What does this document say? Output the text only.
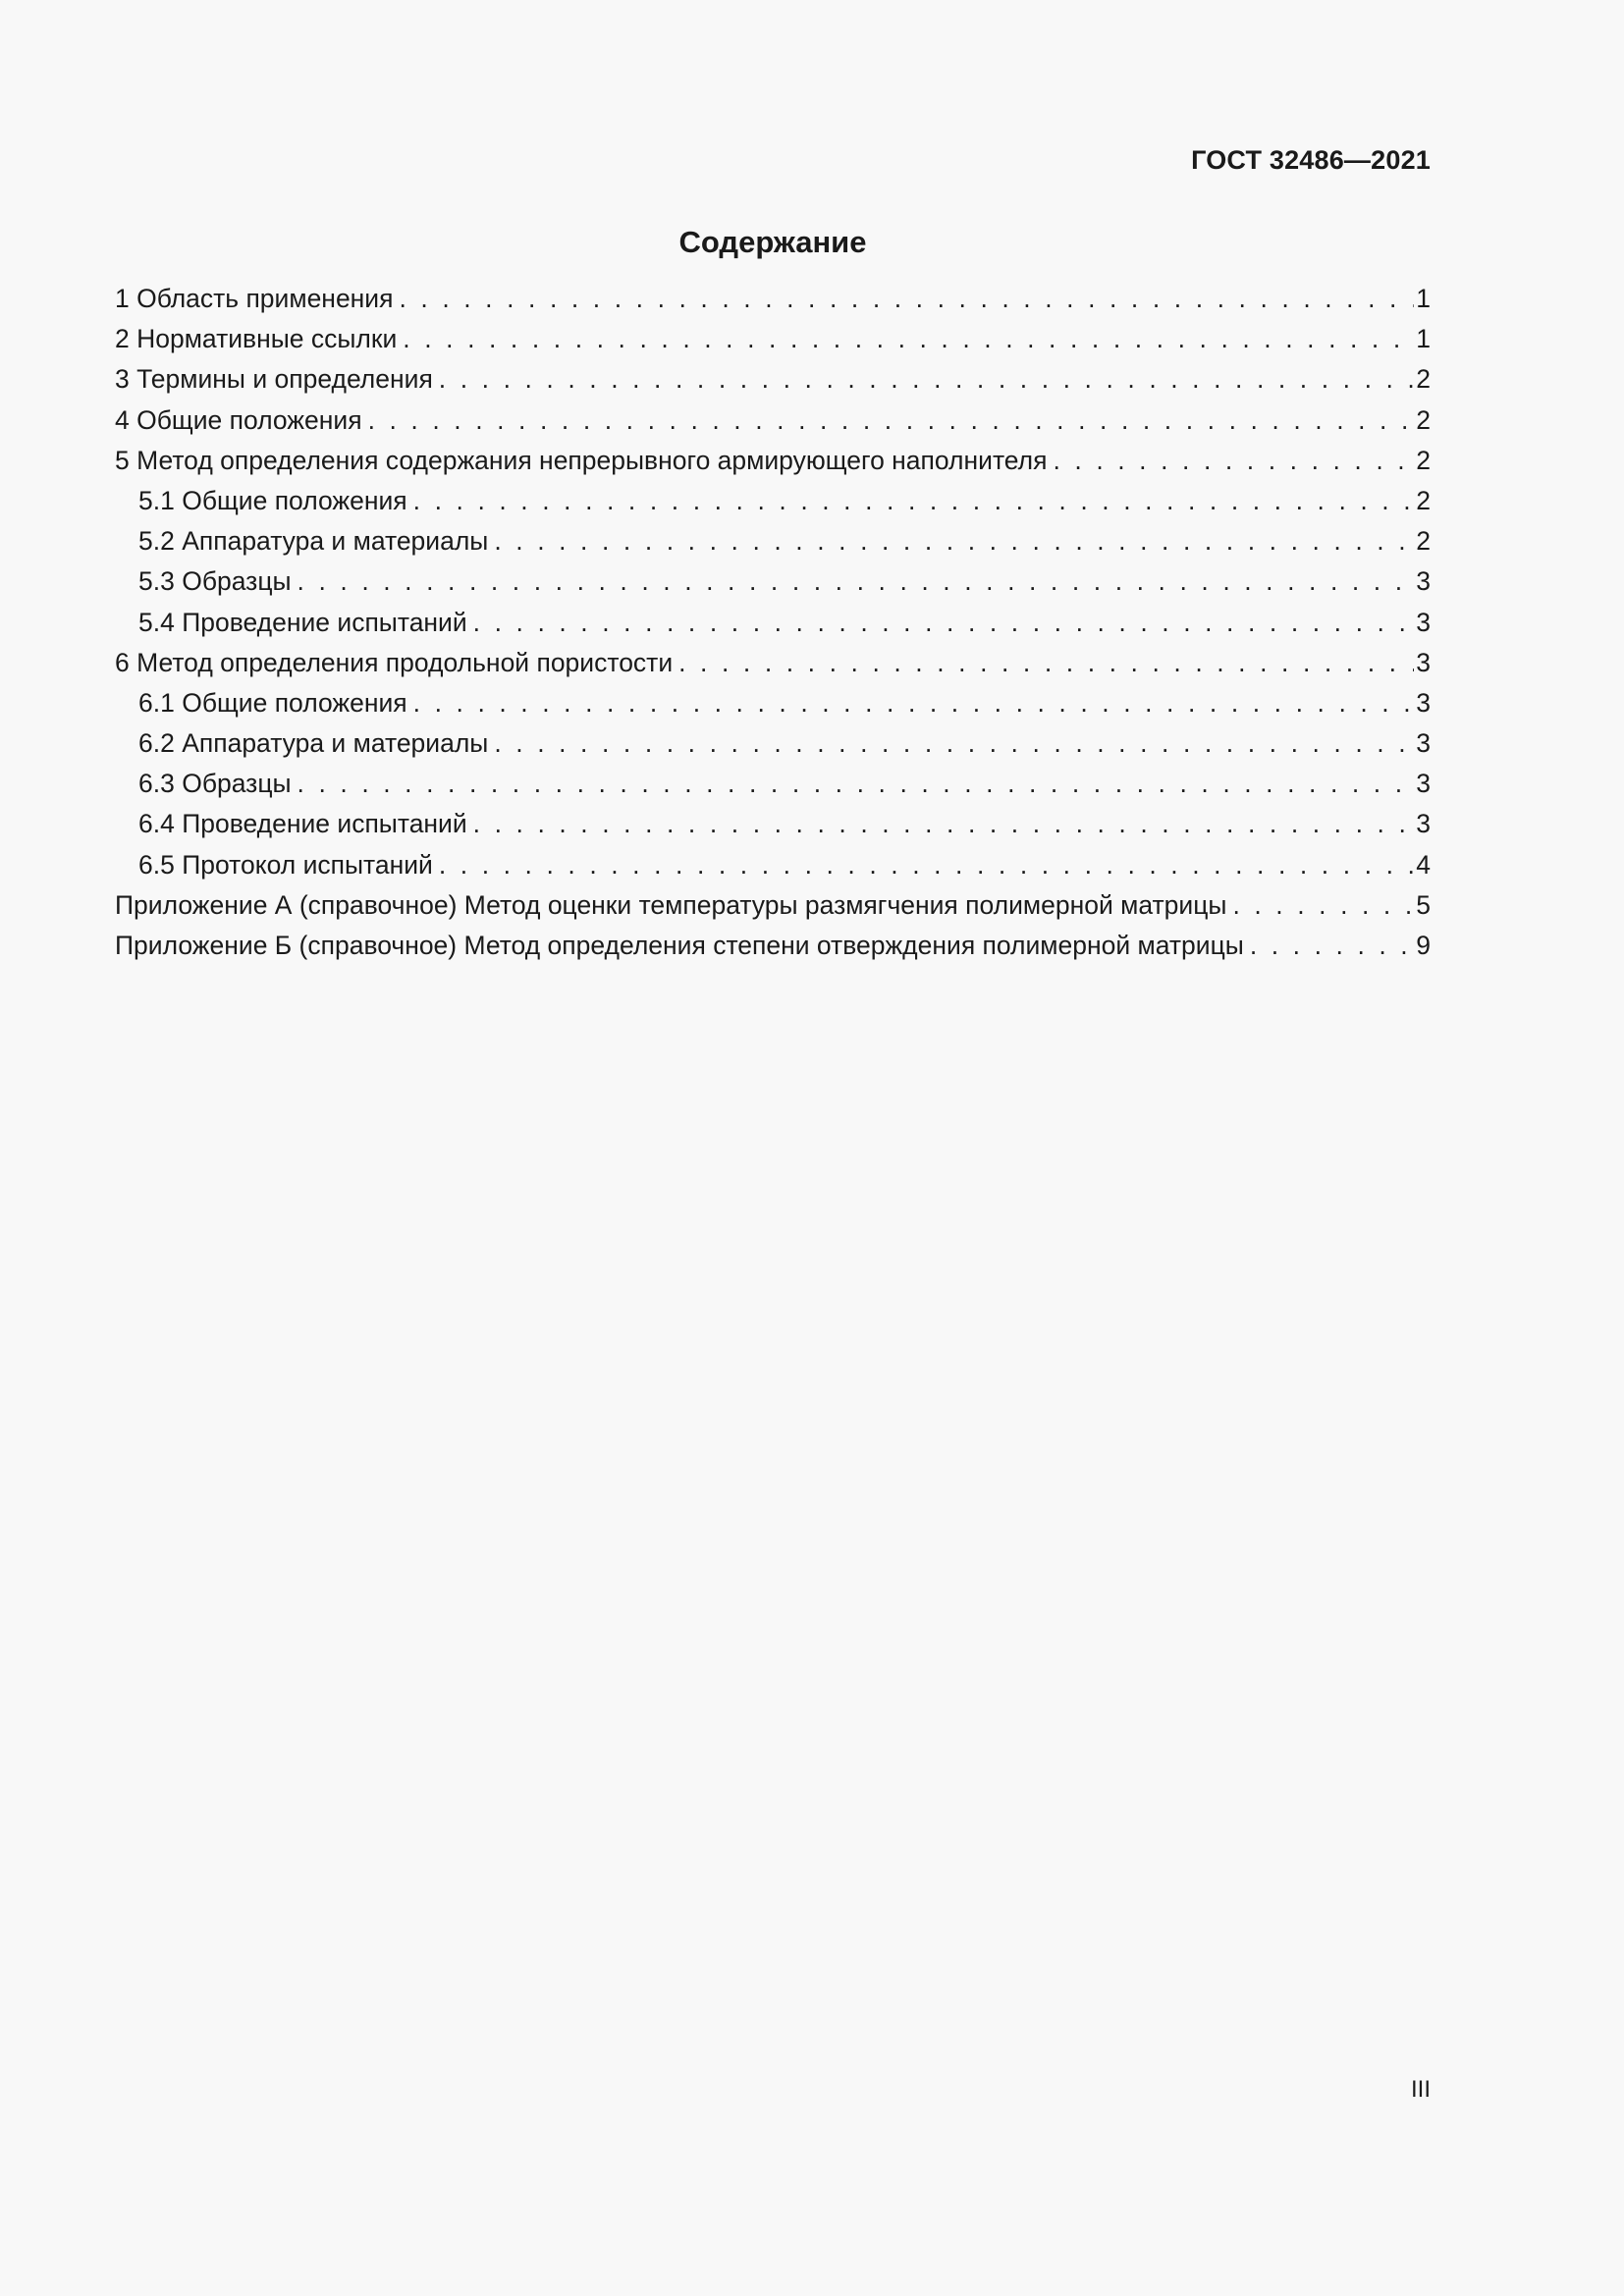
ГОСТ 32486—2021
Содержание
1 Область применения . . .	1
2 Нормативные ссылки . . .	1
3 Термины и определения . . .	2
4 Общие положения . . .	2
5 Метод определения содержания непрерывного армирующего наполнителя . . .	2
5.1 Общие положения . . .	2
5.2 Аппаратура и материалы . . .	2
5.3 Образцы . . .	3
5.4 Проведение испытаний . . .	3
6 Метод определения продольной пористости . . .	3
6.1 Общие положения . . .	3
6.2 Аппаратура и материалы . . .	3
6.3 Образцы . . .	3
6.4 Проведение испытаний . . .	3
6.5 Протокол испытаний . . .	4
Приложение А (справочное) Метод оценки температуры размягчения полимерной матрицы . . .	5
Приложение Б (справочное) Метод определения степени отверждения полимерной матрицы . . .	9
III
